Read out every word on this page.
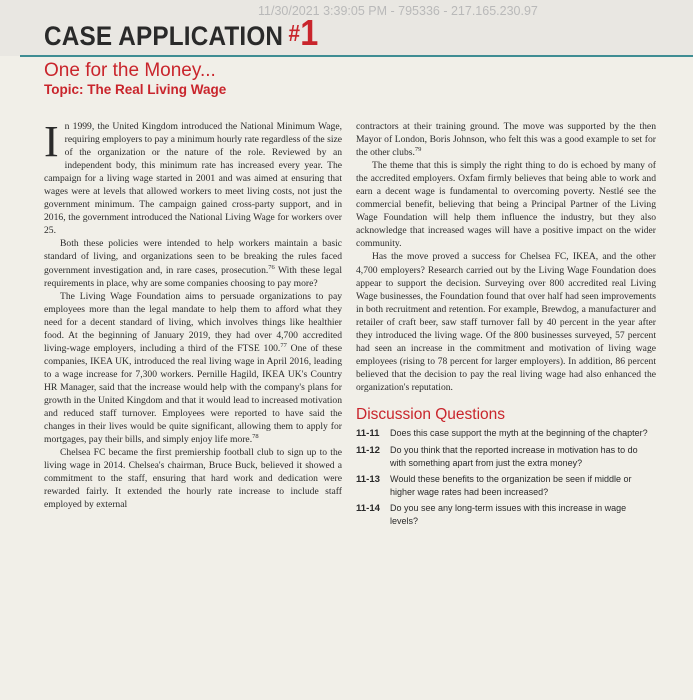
11/30/2021 3:39:05 PM - 795336 - 217.165.230.97
CASE APPLICATION #1
One for the Money...
Topic: The Real Living Wage

In 1999, the United Kingdom introduced the National Minimum Wage, requiring employers to pay a minimum hourly rate regardless of the size of the organization or the nature of the role. Reviewed by an independent body, this minimum rate has increased every year. The campaign for a living wage started in 2001 and was aimed at ensuring that wages were at levels that allowed workers to meet living costs, not just the government minimum. The campaign gained cross-party support, and in 2016, the government introduced the National Living Wage for workers over 25.

Both these policies were intended to help workers maintain a basic standard of living, and organizations seen to be breaking the rules faced government investigation and, in rare cases, prosecution.$^{76}$ With these legal requirements in place, why are some companies choosing to pay more?

The Living Wage Foundation aims to persuade organizations to pay employees more than the legal mandate to help them to afford what they need for a decent standard of living, which involves things like healthier food. At the beginning of January 2019, they had over 4,700 accredited living-wage employers, including a third of the FTSE 100.77 One of these companies, IKEA UK, introduced the real living wage in April 2016, leading to a wage increase for 7,300 workers. Pernille Hagild, IKEA UK's Country HR Manager, said that the increase would help with the company's plans for growth in the United Kingdom and that it would lead to increased motivation and reduced staff turnover. Employees were reported to have said the changes in their lives would be quite significant, allowing them to apply for mortgages, pay their bills, and simply enjoy life more.$^{78}$

Chelsea FC became the first premiership football club to sign up to the living wage in 2014. Chelsea's chairman, Bruce Buck, believed it showed a commitment to the staff, ensuring that hard work and dedication were rewarded fairly. It extended the hourly rate increase to include staff employed by external

contractors at their training ground. The move was supported by the then Mayor of London, Boris Johnson, who felt this was a good example to set for the other clubs.$^{79}$

The theme that this is simply the right thing to do is echoed by many of the accredited employers. Oxfam firmly believes that being able to work and earn a decent wage is fundamental to overcoming poverty. Nestlé see the commercial benefit, believing that being a Principal Partner of the Living Wage Foundation will help them influence the industry, but they also acknowledge that increased wages will have a positive impact on the wider community.

Has the move proved a success for Chelsea FC, IKEA, and the other 4,700 employers? Research carried out by the Living Wage Foundation does appear to support the decision. Surveying over 800 accredited real Living Wage businesses, the Foundation found that over half had seen improvements in both recruitment and retention. For example, Brewdog, a manufacturer and retailer of craft beer, saw staff turnover fall by 40 percent in the year after they introduced the living wage. Of the 800 businesses surveyed, 57 percent had seen an increase in the commitment and motivation of living wage employees (rising to 78 percent for larger employers). In addition, 86 percent believed that the decision to pay the real living wage had also enhanced the organization's reputation.

Discussion Questions
11-11	Does this case support the myth at the beginning of the chapter?
11-12	Do you think that the reported increase in motivation has to do with something apart from just the extra money?
11-13	Would these benefits to the organization be seen if middle or higher wage rates had been increased?
11-14	Do you see any long-term issues with this increase in wage levels?
